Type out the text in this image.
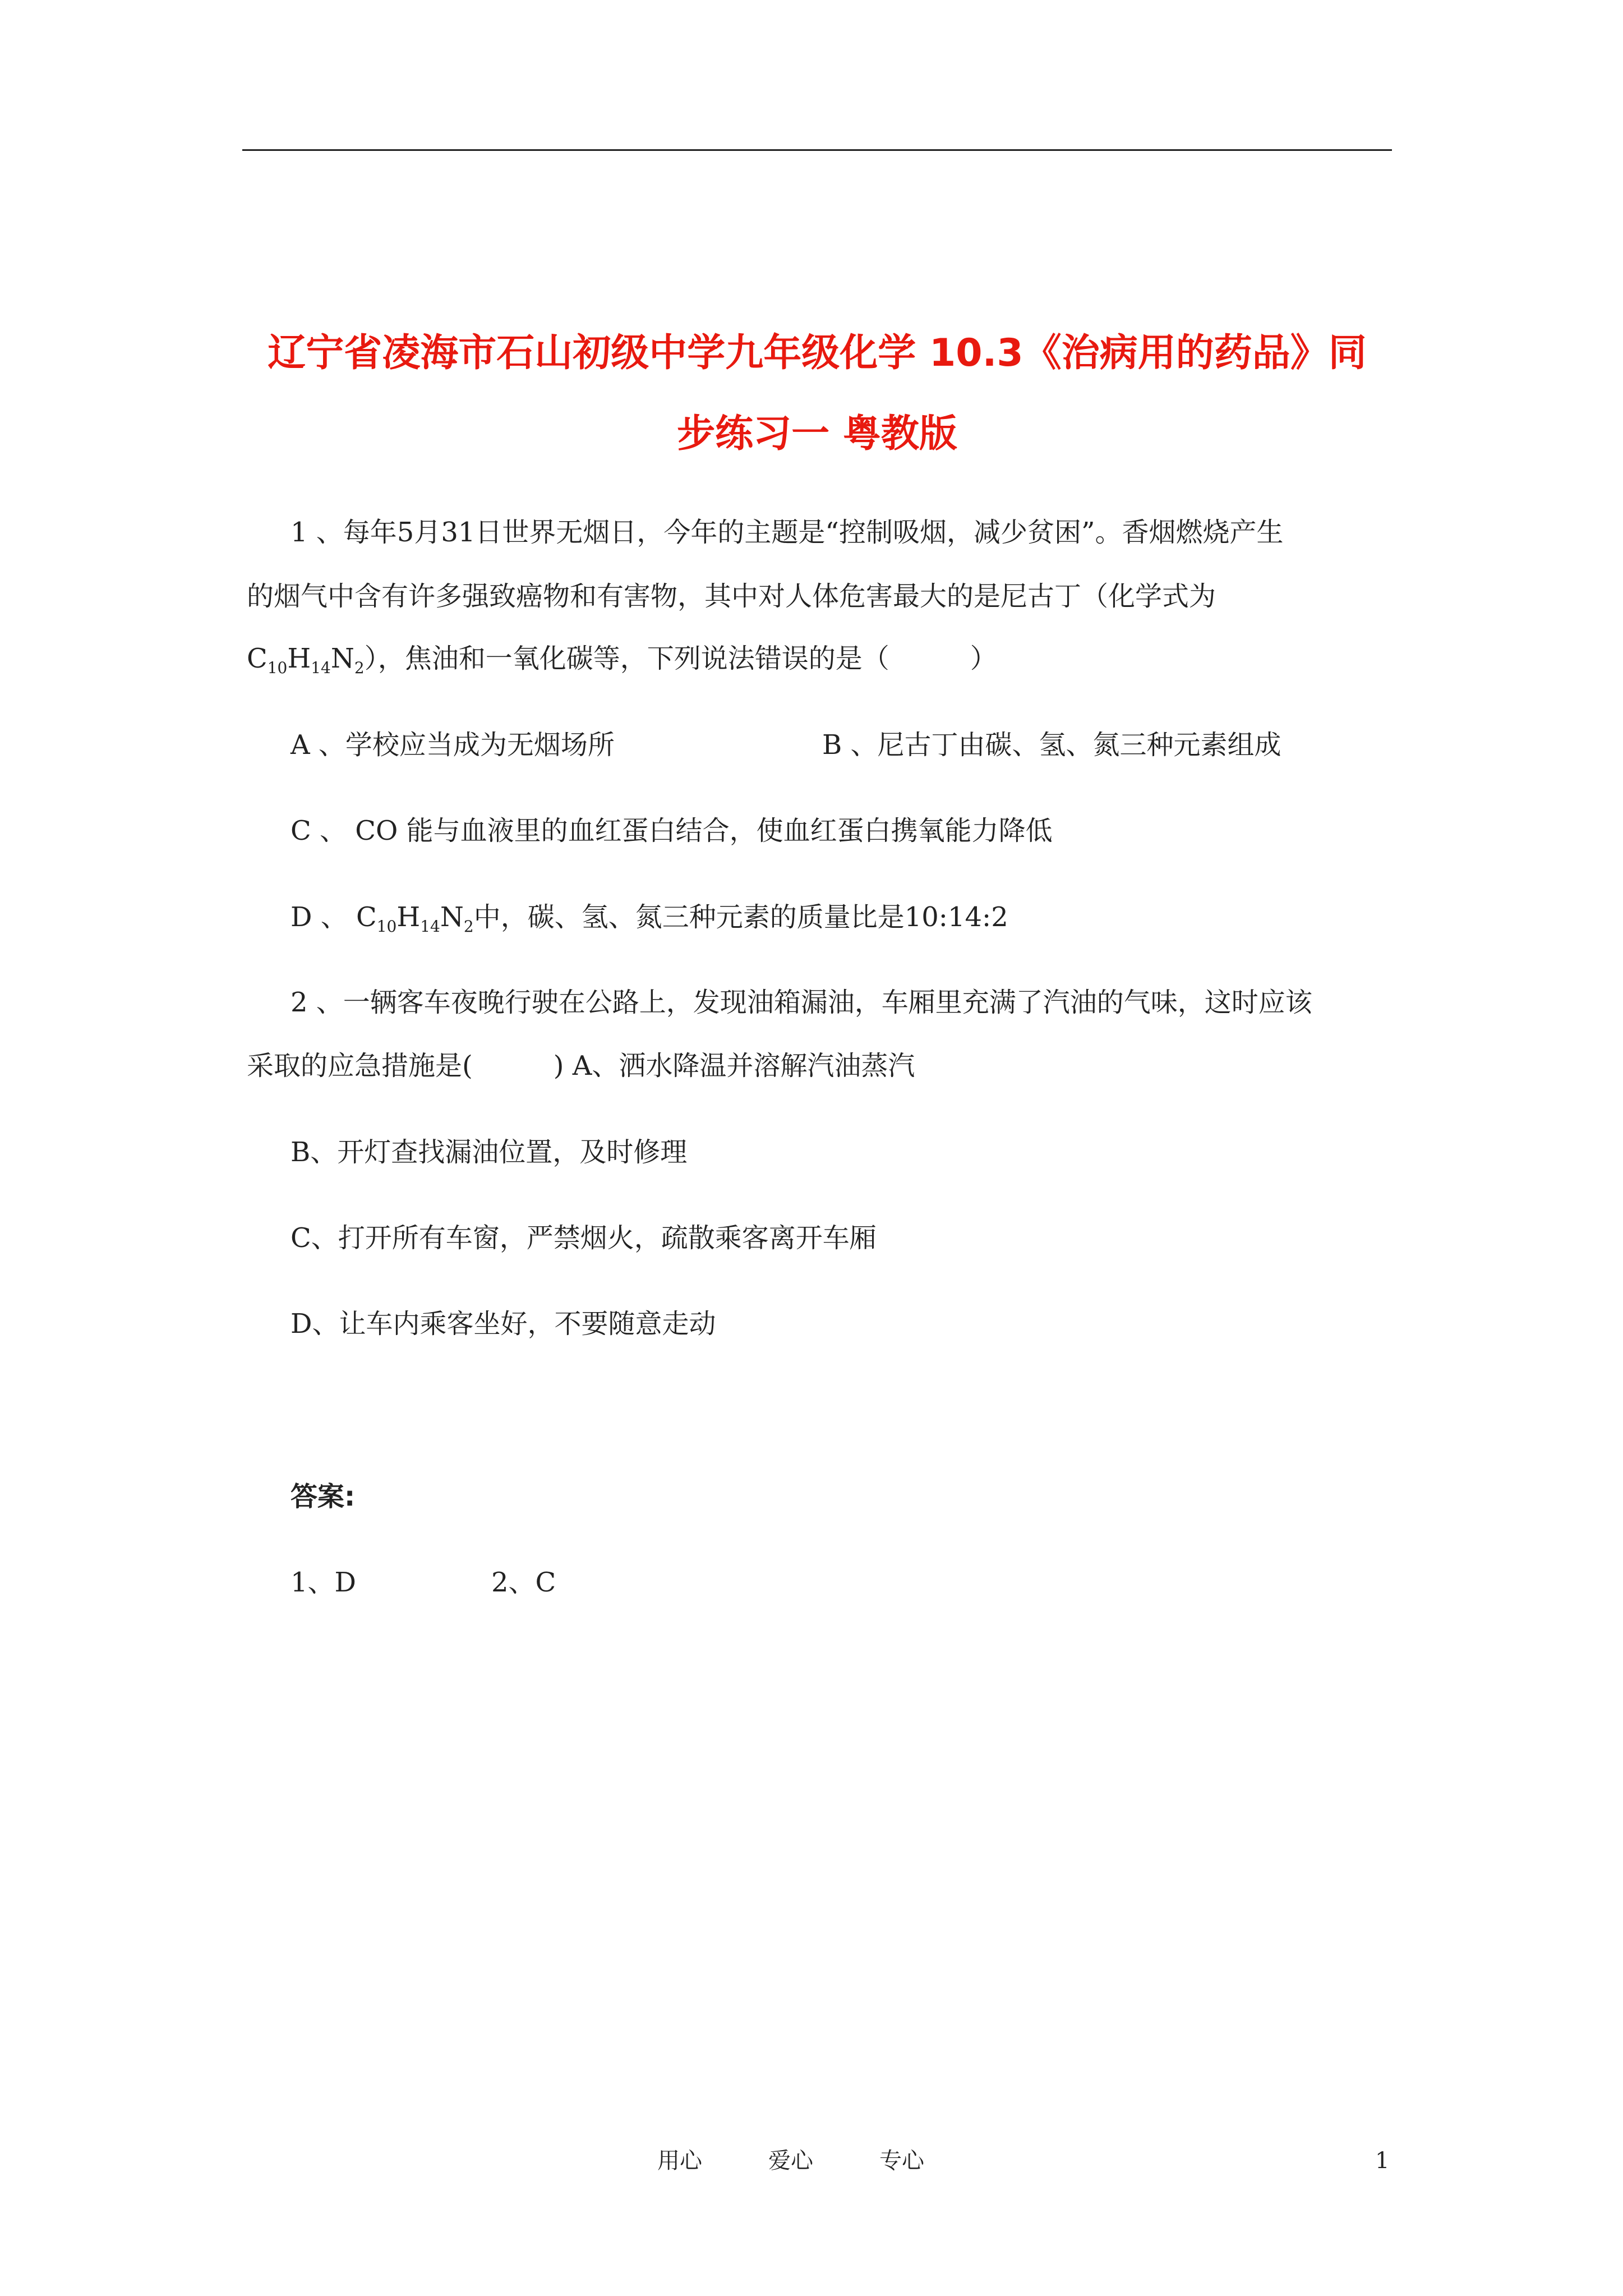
辽宁省凌海市石山初级中学九年级化学 10.3《治病用的药品》同
步练习一 粤教版
1 、每年5月31日世界无烟日，今年的主题是“控制吸烟，减少贫困”。香烟燃烧产生
的烟气中含有许多强致癌物和有害物，其中对人体危害最大的是尼古丁（化学式为
$C_{10}H_{14}N_2$），焦油和一氧化碳等，下列说法错误的是（　　　）
A 、学校应当成为无烟场所	B 、尼古丁由碳、氢、氮三种元素组成
C 、 CO 能与血液里的血红蛋白结合，使血红蛋白携氧能力降低
D 、 $C_{10}H_{14}N_2$中，碳、氢、氮三种元素的质量比是10:14:2
2 、一辆客车夜晚行驶在公路上，发现油箱漏油，车厢里充满了汽油的气味，这时应该
采取的应急措施是(　　　) A、洒水降温并溶解汽油蒸汽
B、开灯查找漏油位置，及时修理
C、打开所有车窗，严禁烟火，疏散乘客离开车厢
D、让车内乘客坐好，不要随意走动
答案:
1、D	2、C
用心	爱心	专心	1
